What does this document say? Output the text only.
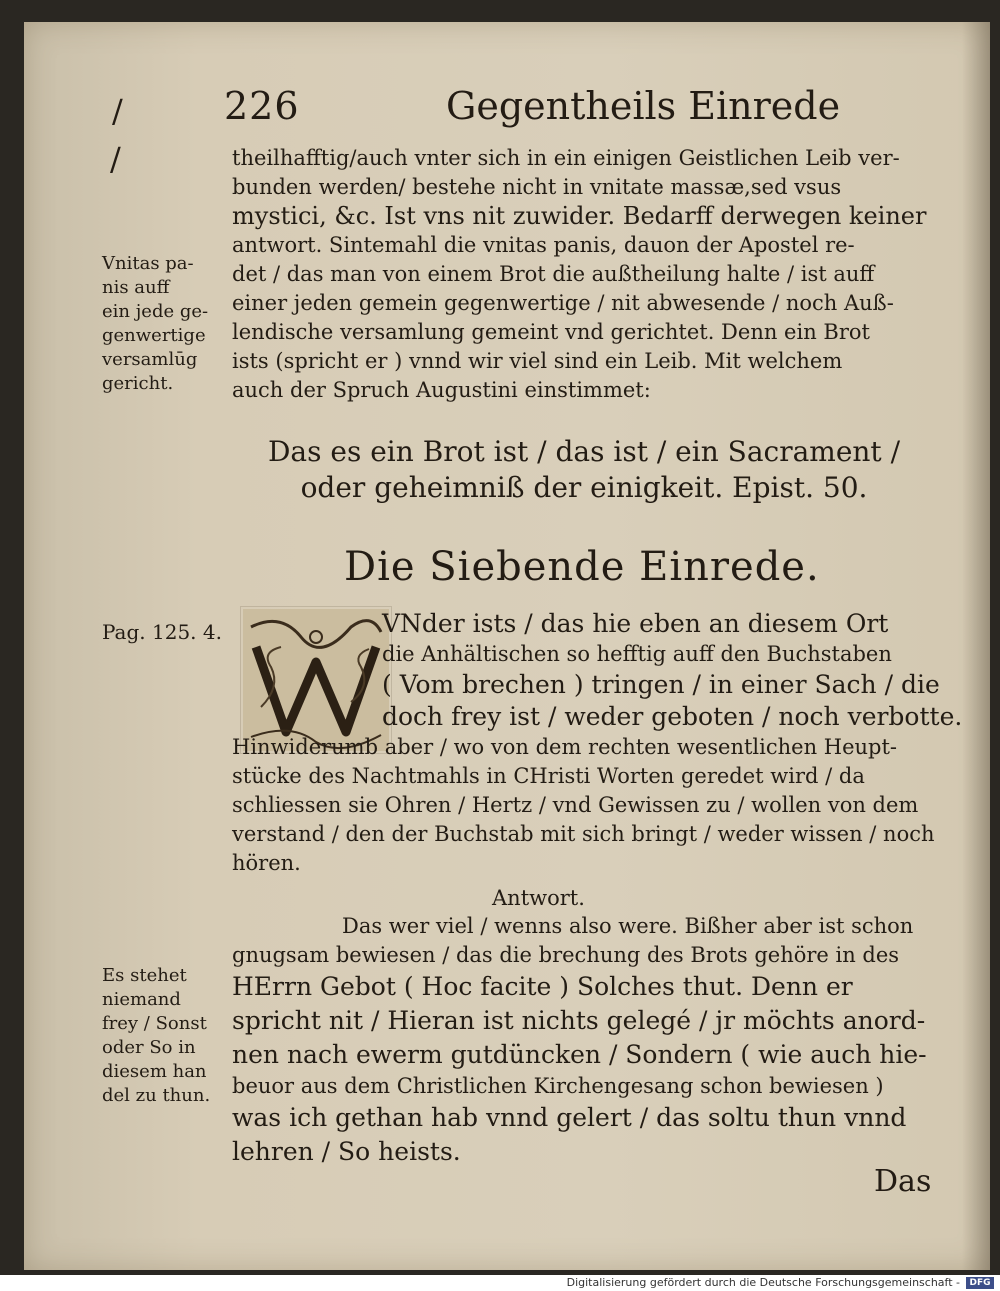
/	226	Gegentheils Einrede
/	theilhafftig/auch vnter sich in ein einigen Geistlichen Leib ver-
bunden werden/ bestehe nicht in vnitate massæ,sed vsus
mystici, &c. Ist vns nit zuwider. Bedarff derwegen keiner
antwort. Sintemahl die vnitas panis, dauon der Apostel re-
det / das man von einem Brot die außtheilung halte / ist auff
einer jeden gemein gegenwertige / nit abwesende / noch Auß-
lendische versamlung gemeint vnd gerichtet. Denn ein Brot
ists (spricht er ) vnnd wir viel sind ein Leib. Mit welchem
auch der Spruch Augustini einstimmet:
Das es ein Brot ist / das ist / ein Sacrament /
oder geheimniß der einigkeit. Epist. 50.
Die Siebende Einrede.
VNder ists / das hie eben an diesem Ort
die Anhältischen so hefftig auff den Buchstaben
( Vom brechen ) tringen / in einer Sach / die
doch frey ist / weder geboten / noch verbotte.
Hinwiderumb aber / wo von dem rechten wesentlichen Heupt-
stücke des Nachtmahls in CHristi Worten geredet wird / da
schliessen sie Ohren / Hertz / vnd Gewissen zu / wollen von dem
verstand / den der Buchstab mit sich bringt / weder wissen / noch
hören.
Antwort.
Das wer viel / wenns also were. Bißher aber ist schon
gnugsam bewiesen / das die brechung des Brots gehöre in des
HErrn Gebot ( Hoc facite ) Solches thut. Denn er
spricht nit / Hieran ist nichts gelegé / jr möchts anord-
nen nach ewerm gutdüncken / Sondern ( wie auch hie-
beuor aus dem Christlichen Kirchengesang schon bewiesen )
was ich gethan hab vnnd gelert / das soltu thun vnnd
lehren / So heists.
Das
Vnitas pa-
nis auff
ein jede ge-
genwertige
versamlūg
gericht.
Pag. 125. 4.
Es stehet
niemand
frey / Sonst
oder So in
diesem han
del zu thun.
Digitalisierung gefördert durch die Deutsche Forschungsgemeinschaft -	DFG
